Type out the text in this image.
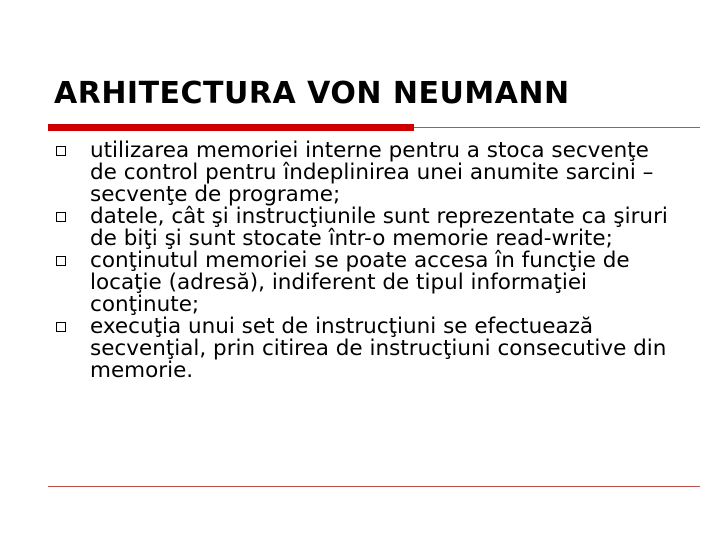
ARHITECTURA VON NEUMANN
utilizarea memoriei interne pentru a stoca secvenţe de control pentru îndeplinirea unei anumite sarcini – secvenţe de programe;
datele, cât şi instrucţiunile sunt reprezentate ca şiruri de biţi şi sunt stocate într-o memorie read-write;
conţinutul memoriei se poate accesa în funcţie de locaţie (adresă), indiferent de tipul informaţiei conţinute;
execuţia unui set de instrucţiuni se efectuează secvenţial, prin citirea de instrucţiuni consecutive din memorie.
